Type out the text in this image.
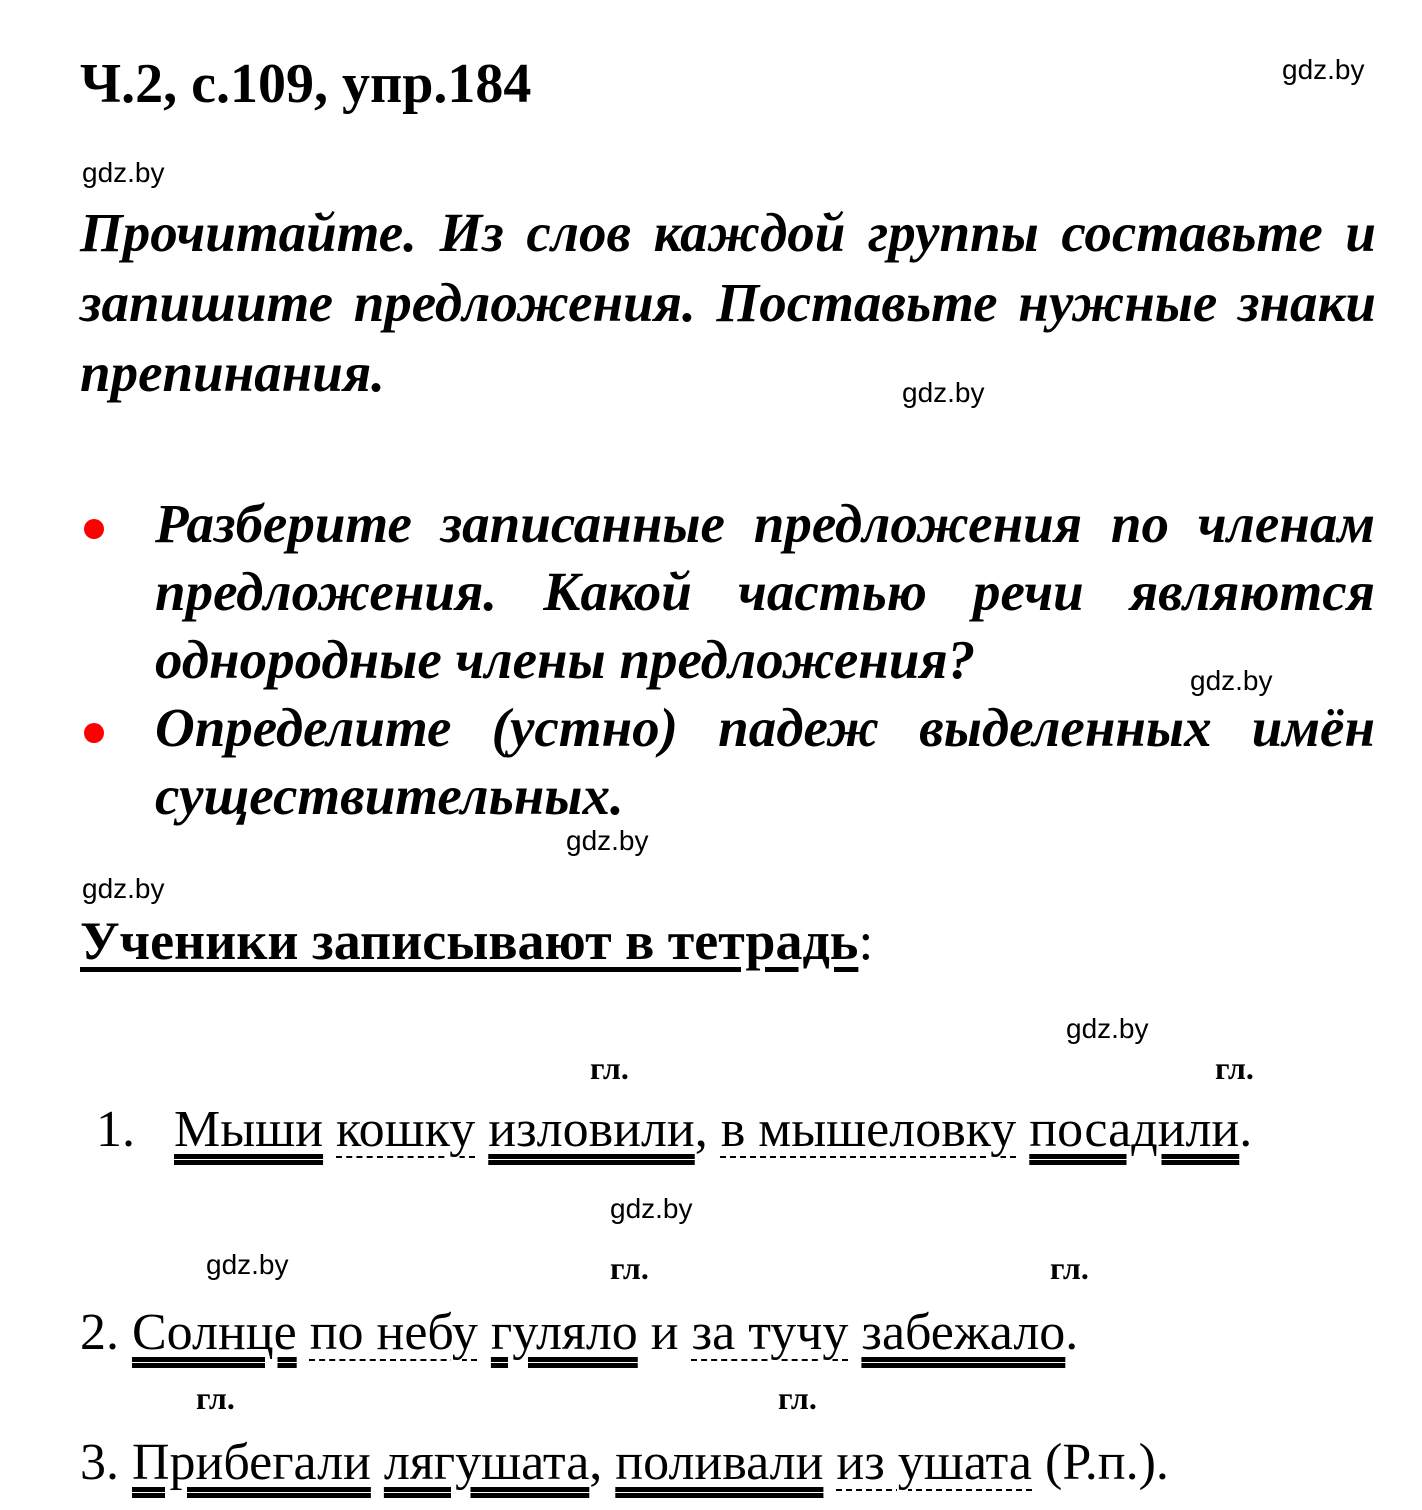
Ч.2, с.109, упр.184	gdz.by
gdz.by
gdz.by
gdz.by
gdz.by
gdz.by
gdz.by
gdz.by
gdz.by

Прочитайте. Из слов каждой группы составьте и запишите предложения. Поставьте нужные знаки препинания.

Разберите записанные предложения по членам предложения. Какой частью речи являются однородные члены предложения?

Определите (устно) падеж выделенных имён существительных.

Ученики записывают в тетрадь:
гл.	гл.
1. Мыши кошку изловили, в мышеловку посадили.
гл.	гл.
2. Солнце по небу гуляло и за тучу забежало.
гл.	гл.
3. Прибегали лягушата, поливали из ушата (Р.п.).
